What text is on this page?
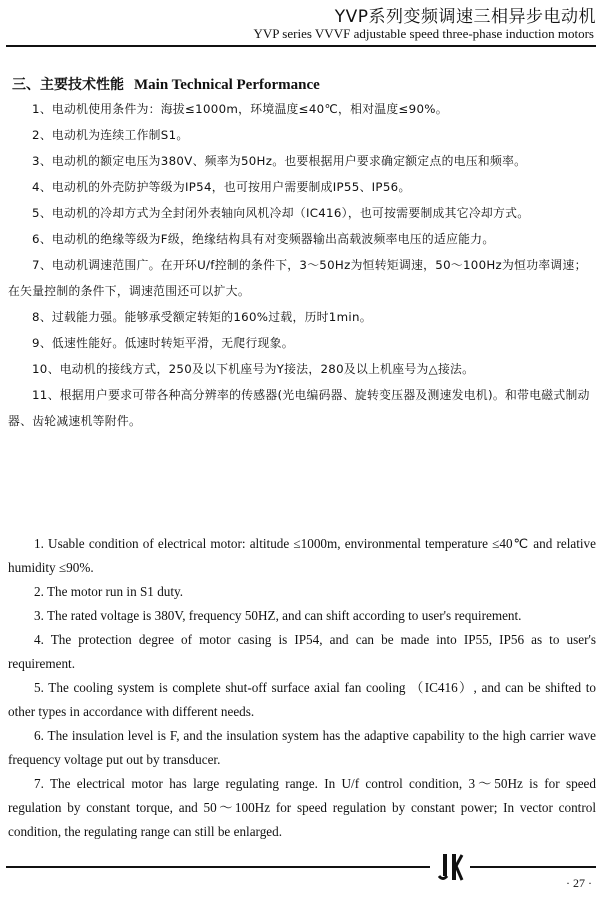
YVP系列变频调速三相异步电动机
YVP series VVVF adjustable speed three-phase induction motors
三、主要技术性能 Main Technical Performance

1、电动机使用条件为：海拔≤1000m，环境温度≤40℃，相对温度≤90%。

2、电动机为连续工作制S1。

3、电动机的额定电压为380V、频率为50Hz。也要根据用户要求确定额定点的电压和频率。

4、电动机的外壳防护等级为IP54，也可按用户需要制成IP55、IP56。

5、电动机的冷却方式为全封闭外表轴向风机冷却（IC416），也可按需要制成其它冷却方式。

6、电动机的绝缘等级为F级，绝缘结构具有对变频器输出高载波频率电压的适应能力。

7、电动机调速范围广。在开环U/f控制的条件下，3～50Hz为恒转矩调速，50～100Hz为恒功率调速；在矢量控制的条件下，调速范围还可以扩大。

8、过载能力强。能够承受额定转矩的160%过载，历时1min。

9、低速性能好。低速时转矩平滑，无爬行现象。

10、电动机的接线方式，250及以下机座号为Y接法，280及以上机座号为△接法。

11、根据用户要求可带各种高分辨率的传感器(光电编码器、旋转变压器及测速发电机)。和带电磁式制动器、齿轮减速机等附件。

1. Usable condition of electrical motor: altitude ≤1000m, environmental temperature ≤40℃ and relative humidity ≤90%.

2. The motor run in S1 duty.

3. The rated voltage is 380V, frequency 50HZ, and can shift according to user's requirement.

4. The protection degree of motor casing is IP54, and can be made into IP55, IP56 as to user's requirement.

5. The cooling system is complete shut-off surface axial fan cooling （IC416）, and can be shifted to other types in accordance with different needs.

6. The insulation level is F, and the insulation system has the adaptive capability to the high carrier wave frequency voltage put out by transducer.

7. The electrical motor has large regulating range. In U/f control condition, 3～50Hz is for speed regulation by constant torque, and 50～100Hz for speed regulation by constant power; In vector control condition, the regulating range can still be enlarged.

· 27 ·
